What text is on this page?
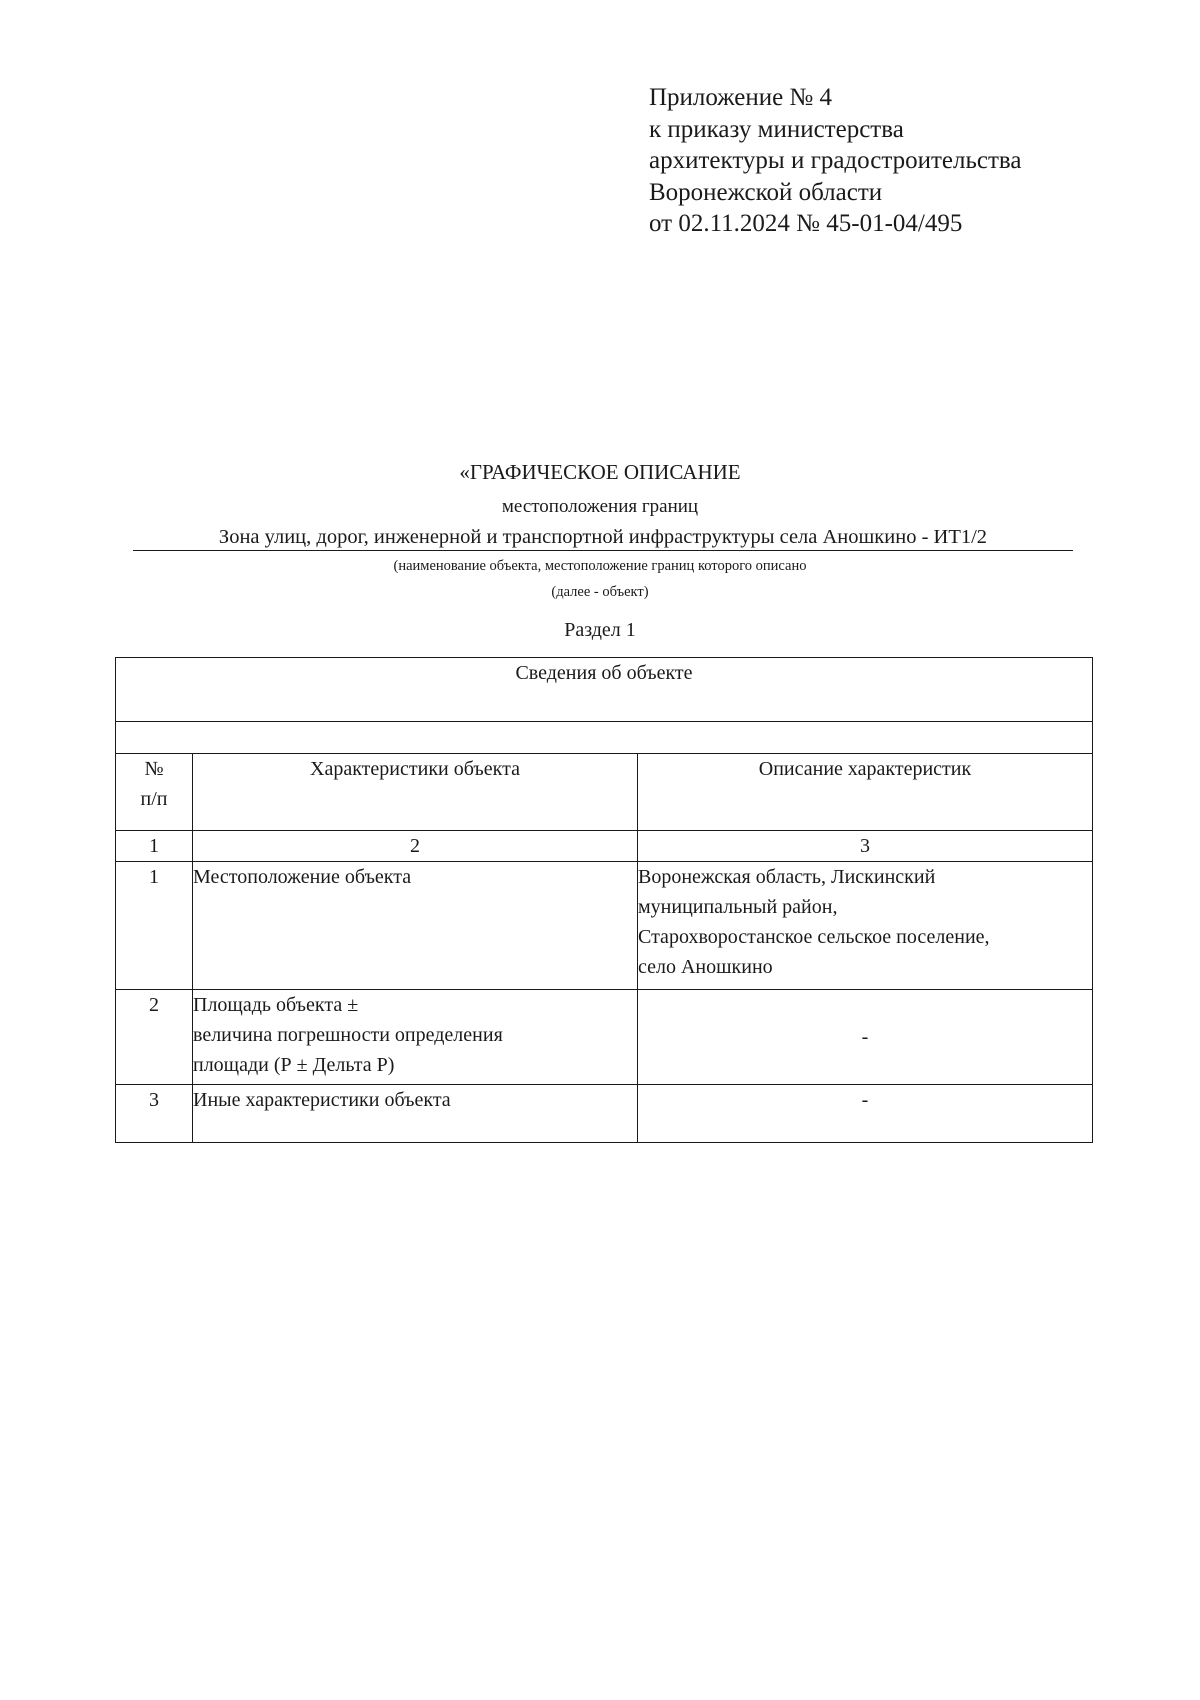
Приложение № 4
к приказу министерства
архитектуры и градостроительства
Воронежской области
от 02.11.2024 № 45-01-04/495
«ГРАФИЧЕСКОЕ ОПИСАНИЕ
местоположения границ
Зона улиц, дорог, инженерной и транспортной инфраструктуры села Аношкино - ИТ1/2
(наименование объекта, местоположение границ которого описано
(далее - объект)
Раздел 1
Сведения об объекте		

№
п/п	Характеристики объекта	Описание характеристик
1	2	3
1	Местоположение объекта	Воронежская область, Лискинский
муниципальный район,
Старохворостанское сельское поселение,
село Аношкино

2	Площадь объекта ±
величина погрешности определения
площади (Р ± Дельта Р)	-
3	Иные характеристики объекта	-
